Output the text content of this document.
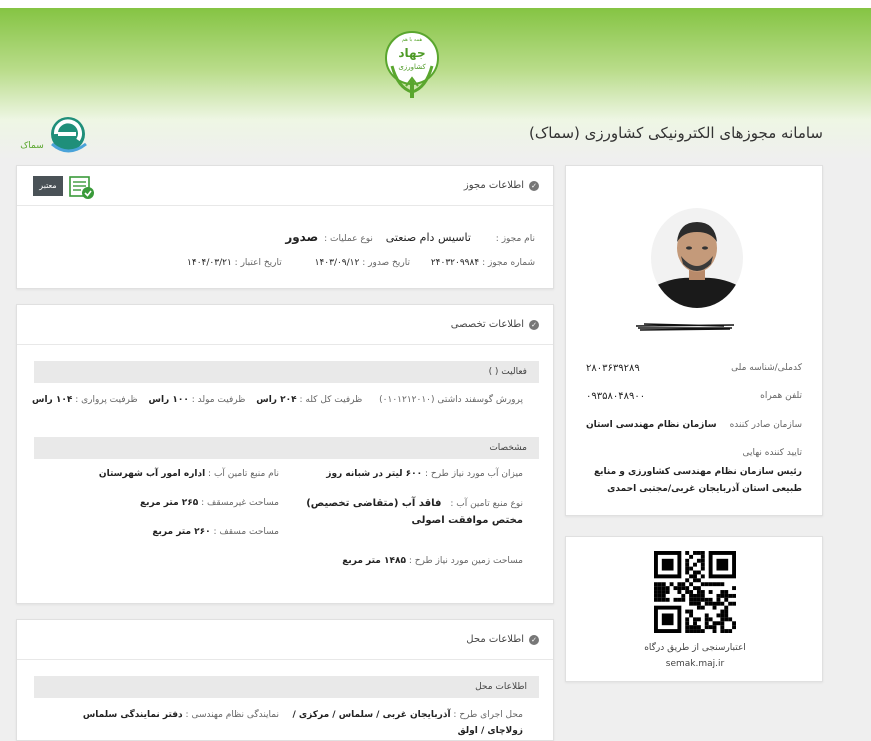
همه با هم
جهاد
کشاورزی
سماک
سامانه مجوزهای الکترونیکی کشاورزی (سماک)
✓
اطلاعات مجوز
معتبر
نام مجوز : تاسیس دام صنعتی نوع عملیات : صدور
شماره مجوز : ۲۴۰۳۲۰۹۹۸۴ تاریخ صدور : ۱۴۰۳/۰۹/۱۲ تاریخ اعتبار : ۱۴۰۴/۰۳/۲۱
✓
اطلاعات تخصصی
فعالیت ( )
پرورش گوسفند داشتی (۰۱۰۱۲۱۲۰۱۰) ظرفیت کل کله : ۲۰۴ راس ظرفیت مولد : ۱۰۰ راس ظرفیت پرواری : ۱۰۴ راس
مشخصات
میزان آب مورد نیاز طرح : ۶۰۰ لیتر در شبانه روز
نام منبع تامین آب : اداره امور آب شهرستان
نوع منبع تامین آب : فاقد آب (متقاضی تخصیص)
مختص موافقت اصولی
مساحت غیرمسقف : ۲۶۵ متر مربع
مساحت مسقف : ۲۶۰ متر مربع
مساحت زمین مورد نیاز طرح : ۱۴۸۵ متر مربع
✓
اطلاعات محل
اطلاعات محل
محل اجرای طرح : آذربایجان غربی / سلماس / مرکزی /
زولاچای / اولق
نمایندگی نظام مهندسی : دفتر نمایندگی سلماس
کدملی/شناسه ملی
۲۸۰۳۶۳۹۲۸۹
تلفن همراه
۰۹۳۵۸۰۴۸۹۰۰
سازمان صادر کننده
سازمان نظام مهندسی استان
تایید کننده نهایی
رئیس سازمان نظام مهندسی کشاورزی و منابع طبیعی استان آذربایجان غربی/مجتبی احمدی
اعتبارسنجی از طریق درگاه
semak.maj.ir
